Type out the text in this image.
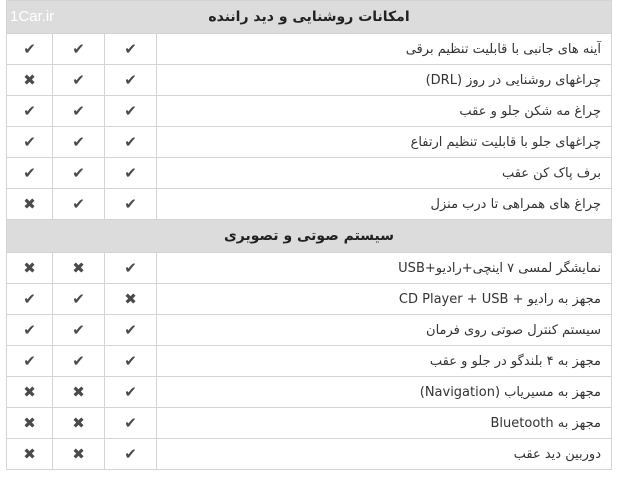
1Car.ir	امکانات روشنایی و دید راننده			
✔	✔	✔	آینه های جانبی با قابلیت تنظیم برقی
✖	✔	✔	چراغهای روشنایی در روز (DRL)
✔	✔	✔	چراغ مه شکن جلو و عقب
✔	✔	✔	چراغهای جلو با قابلیت تنظیم ارتفاع
✔	✔	✔	برف پاک کن عقب
✖	✔	✔	چراغ های همراهی تا درب منزل
سیستم صوتی و تصویری			
✖	✖	✔	نمایشگر لمسی ۷ اینچی+رادیو+USB
✔	✔	✖	مجهز به رادیو + CD Player + USB
✔	✔	✔	سیستم کنترل صوتی روی فرمان
✔	✔	✔	مجهز به ۴ بلندگو در جلو و عقب
✖	✖	✔	مجهز به مسیریاب (Navigation)
✖	✖	✔	مجهز به Bluetooth
✖	✖	✔	دوربین دید عقب
